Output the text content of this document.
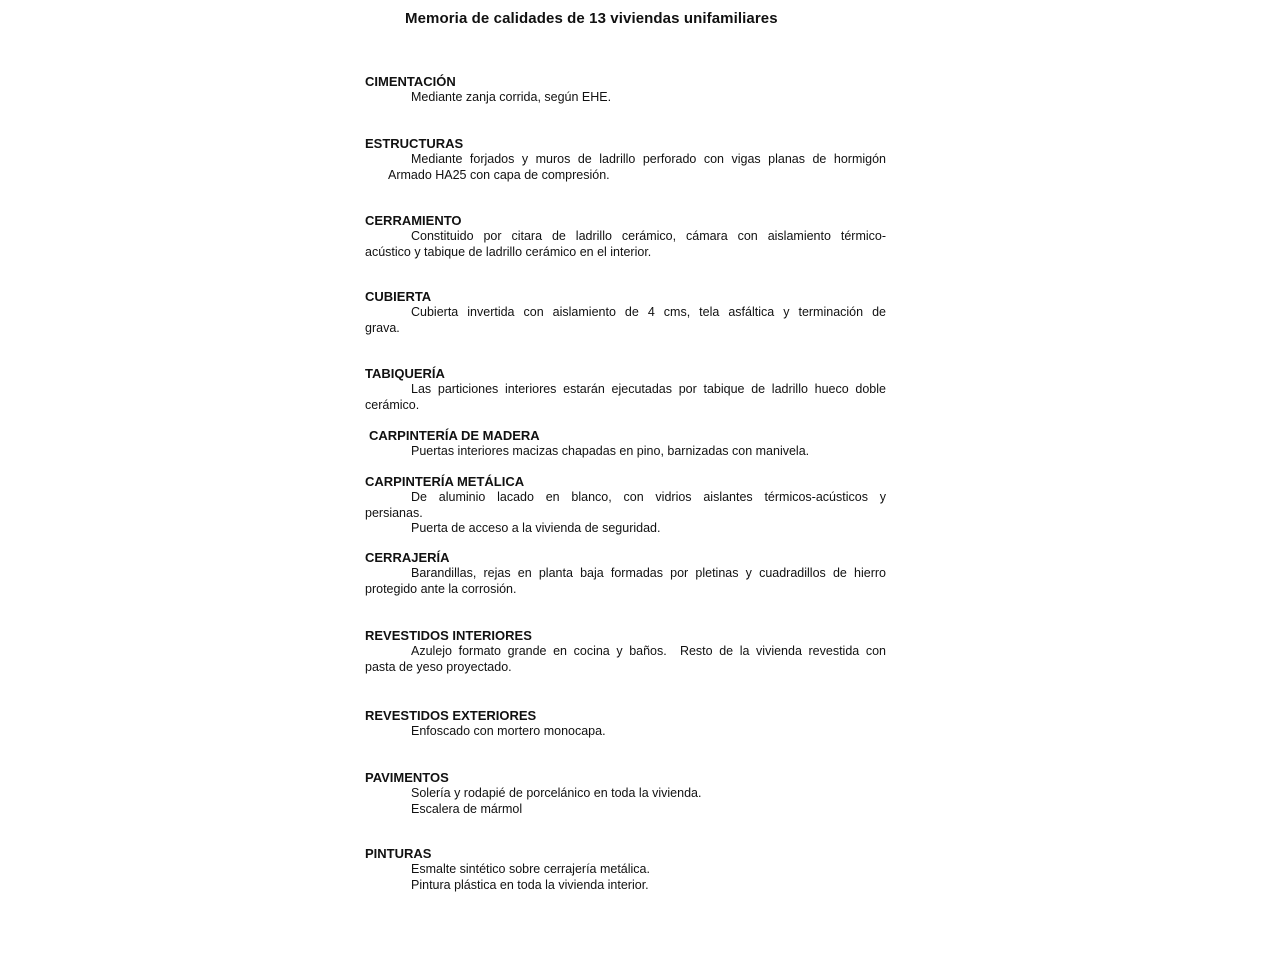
Memoria de calidades de 13 viviendas unifamiliares
CIMENTACIÓN
Mediante zanja corrida, según EHE.
ESTRUCTURAS
Mediante forjados y muros de ladrillo perforado con vigas planas de hormigón
Armado HA25 con capa de compresión.
CERRAMIENTO
Constituido por citara de ladrillo cerámico, cámara con aislamiento térmico-
acústico y tabique de ladrillo cerámico en el interior.
CUBIERTA
Cubierta invertida con aislamiento de 4 cms, tela asfáltica y terminación de
grava.
TABIQUERÍA
Las particiones interiores estarán ejecutadas por tabique de ladrillo hueco doble
cerámico.
CARPINTERÍA DE MADERA
Puertas interiores macizas chapadas en pino, barnizadas con manivela.
CARPINTERÍA METÁLICA
De aluminio lacado en blanco, con vidrios aislantes térmicos-acústicos y
persianas.
Puerta de acceso a la vivienda de seguridad.
CERRAJERÍA
Barandillas, rejas en planta baja formadas por pletinas y cuadradillos de hierro
protegido ante la corrosión.
REVESTIDOS INTERIORES
Azulejo formato grande en cocina y baños.  Resto de la vivienda revestida con
pasta de yeso proyectado.
REVESTIDOS EXTERIORES
Enfoscado con mortero monocapa.
PAVIMENTOS
Solería y rodapié de porcelánico en toda la vivienda.
Escalera de mármol
PINTURAS
Esmalte sintético sobre cerrajería metálica.
Pintura plástica en toda la vivienda interior.
